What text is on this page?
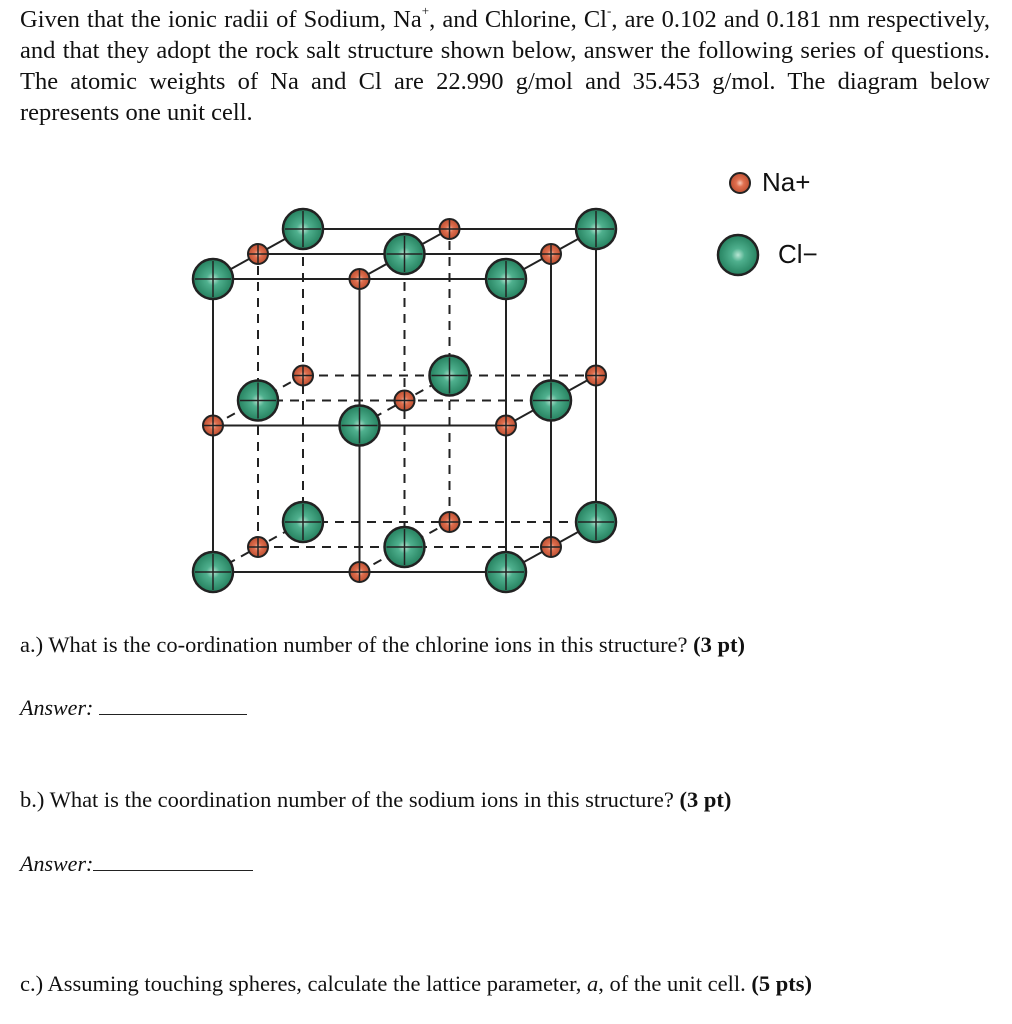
Given that the ionic radii of Sodium, Na+, and Chlorine, Cl-, are 0.102 and 0.181 nm respectively, and that they adopt the rock salt structure shown below, answer the following series of questions. The atomic weights of Na and Cl are 22.990 g/mol and 35.453 g/mol. The diagram below represents one unit cell.
Na+
Cl−
a.) What is the co-ordination number of the chlorine ions in this structure? (3 pt)
Answer:
b.) What is the coordination number of the sodium ions in this structure? (3 pt)
Answer:
c.) Assuming touching spheres, calculate the lattice parameter, a, of the unit cell. (5 pts)
